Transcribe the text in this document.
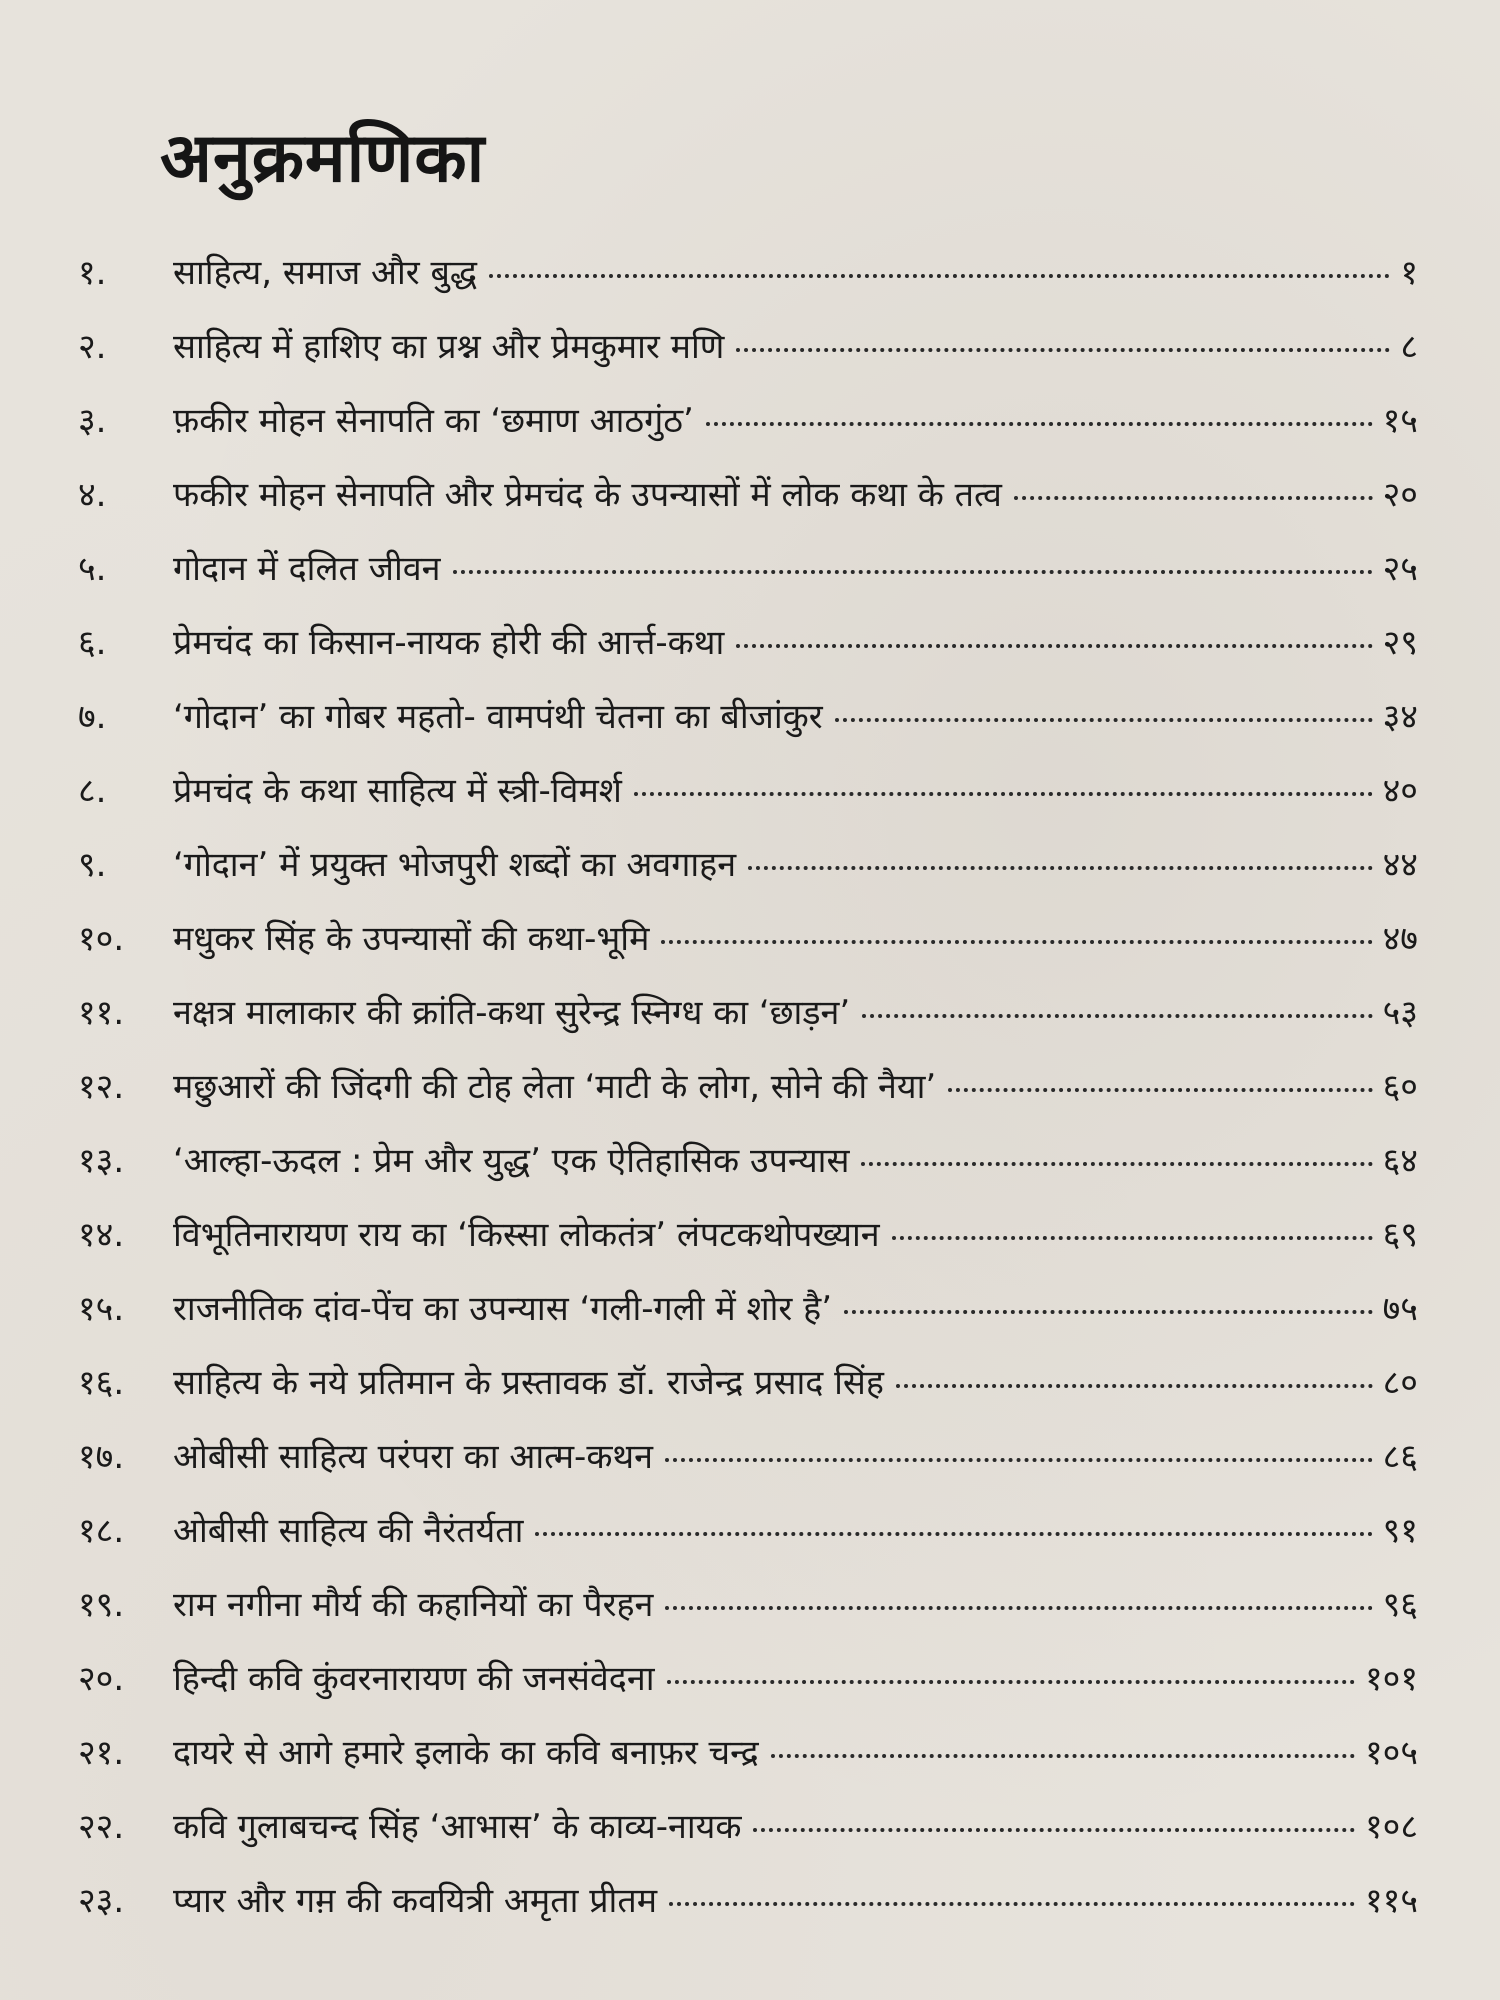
अनुक्रमणिका
१.	साहित्य, समाज और बुद्ध	१
२.	साहित्य में हाशिए का प्रश्न और प्रेमकुमार मणि	८
३.	फ़कीर मोहन सेनापति का ‘छमाण आठगुंठ’	१५
४.	फकीर मोहन सेनापति और प्रेमचंद के उपन्यासों में लोक कथा के तत्व	२०
५.	गोदान में दलित जीवन	२५
६.	प्रेमचंद का किसान-नायक होरी की आर्त्त-कथा	२९
७.	‘गोदान’ का गोबर महतो- वामपंथी चेतना का बीजांकुर	३४
८.	प्रेमचंद के कथा साहित्य में स्त्री-विमर्श	४०
९.	‘गोदान’ में प्रयुक्त भोजपुरी शब्दों का अवगाहन	४४
१०.	मधुकर सिंह के उपन्यासों की कथा-भूमि	४७
११.	नक्षत्र मालाकार की क्रांति-कथा सुरेन्द्र स्निग्ध का ‘छाड़न’	५३
१२.	मछुआरों की जिंदगी की टोह लेता ‘माटी के लोग, सोने की नैया’	६०
१३.	‘आल्हा-ऊदल : प्रेम और युद्ध’ एक ऐतिहासिक उपन्यास	६४
१४.	विभूतिनारायण राय का ‘किस्सा लोकतंत्र’ लंपटकथोपख्यान	६९
१५.	राजनीतिक दांव-पेंच का उपन्यास ‘गली-गली में शोर है’	७५
१६.	साहित्य के नये प्रतिमान के प्रस्तावक डॉ. राजेन्द्र प्रसाद सिंह	८०
१७.	ओबीसी साहित्य परंपरा का आत्म-कथन	८६
१८.	ओबीसी साहित्य की नैरंतर्यता	९१
१९.	राम नगीना मौर्य की कहानियों का पैरहन	९६
२०.	हिन्दी कवि कुंवरनारायण की जनसंवेदना	१०१
२१.	दायरे से आगे हमारे इलाके का कवि बनाफ़र चन्द्र	१०५
२२.	कवि गुलाबचन्द सिंह ‘आभास’ के काव्य-नायक	१०८
२३.	प्यार और गम़ की कवयित्री अमृता प्रीतम	११५
